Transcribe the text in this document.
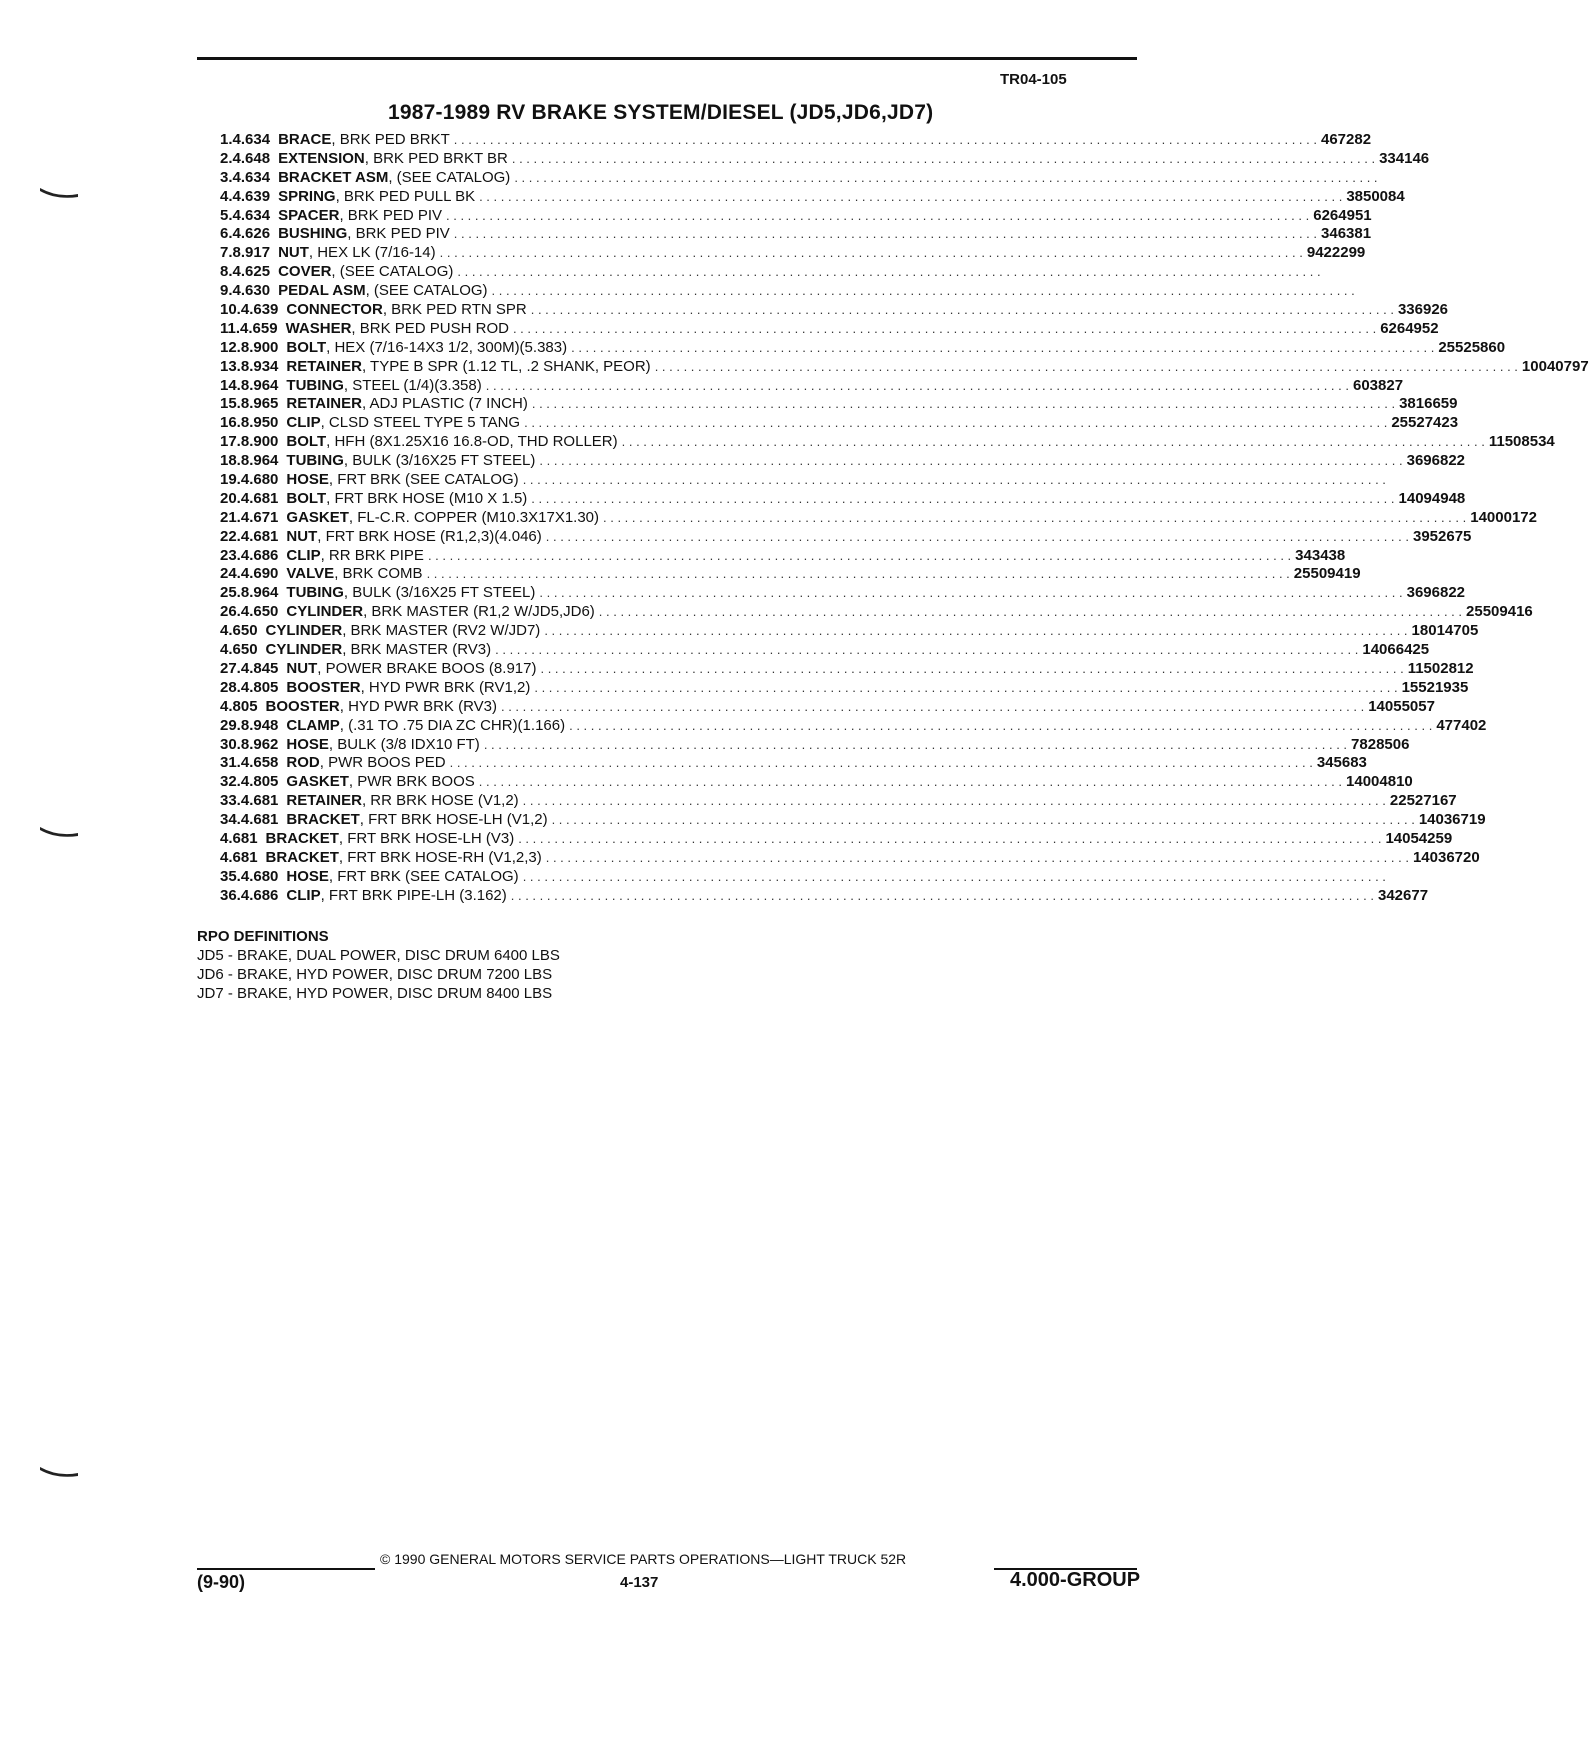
TR04-105
1987-1989 RV BRAKE SYSTEM/DIESEL (JD5,JD6,JD7)
1. 4.634 BRACE, BRK PED BRKT . . . . . . . . . . . . . . . . . . . . . . . . . . . . . . . . . . . . . . . . . . . . . . . . . . . . . . . . . . . . . . . . . . . . . . . . . . . . . . . . . . . . . . . . . . . . . . . . . . . . . . . . . . . . . . . . . . . . . . . . 467282
2. 4.648 EXTENSION, BRK PED BRKT BR . . . . . . . . . . . . . . . . . . . . . . . . . . . . . . . . . . . . . . . . . . . . . . . . . . . . . . . . . . . . . . . . . . . . . . . . . . . . . . . . . . . . . . . . . . . . . . . . . . . . . . . . . . . . . . . . . . . . . . . . 334146
3. 4.634 BRACKET ASM, (SEE CATALOG) . . . . . . . . . . . . . . . . . . . . . . . . . . . . . . . . . . . . . . . . . . . . . . . . . . . . . . . . . . . . . . . . . . . . . . . . . . . . . . . . . . . . . . . . . . . . . . . . . . . . . . . . . . . . . . . . . . . . . . . .
4. 4.639 SPRING, BRK PED PULL BK . . . . . . . . . . . . . . . . . . . . . . . . . . . . . . . . . . . . . . . . . . . . . . . . . . . . . . . . . . . . . . . . . . . . . . . . . . . . . . . . . . . . . . . . . . . . . . . . . . . . . . . . . . . . . . . . . . . . . . . . 3850084
5. 4.634 SPACER, BRK PED PIV . . . . . . . . . . . . . . . . . . . . . . . . . . . . . . . . . . . . . . . . . . . . . . . . . . . . . . . . . . . . . . . . . . . . . . . . . . . . . . . . . . . . . . . . . . . . . . . . . . . . . . . . . . . . . . . . . . . . . . . . 6264951
6. 4.626 BUSHING, BRK PED PIV . . . . . . . . . . . . . . . . . . . . . . . . . . . . . . . . . . . . . . . . . . . . . . . . . . . . . . . . . . . . . . . . . . . . . . . . . . . . . . . . . . . . . . . . . . . . . . . . . . . . . . . . . . . . . . . . . . . . . . . . 346381
7. 8.917 NUT, HEX LK (7/16-14) . . . . . . . . . . . . . . . . . . . . . . . . . . . . . . . . . . . . . . . . . . . . . . . . . . . . . . . . . . . . . . . . . . . . . . . . . . . . . . . . . . . . . . . . . . . . . . . . . . . . . . . . . . . . . . . . . . . . . . . . 9422299
8. 4.625 COVER, (SEE CATALOG) . . . . . . . . . . . . . . . . . . . . . . . . . . . . . . . . . . . . . . . . . . . . . . . . . . . . . . . . . . . . . . . . . . . . . . . . . . . . . . . . . . . . . . . . . . . . . . . . . . . . . . . . . . . . . . . . . . . . . . . .
9. 4.630 PEDAL ASM, (SEE CATALOG) . . . . . . . . . . . . . . . . . . . . . . . . . . . . . . . . . . . . . . . . . . . . . . . . . . . . . . . . . . . . . . . . . . . . . . . . . . . . . . . . . . . . . . . . . . . . . . . . . . . . . . . . . . . . . . . . . . . . . . . .
10. 4.639 CONNECTOR, BRK PED RTN SPR . . . . . . . . . . . . . . . . . . . . . . . . . . . . . . . . . . . . . . . . . . . . . . . . . . . . . . . . . . . . . . . . . . . . . . . . . . . . . . . . . . . . . . . . . . . . . . . . . . . . . . . . . . . . . . . . . . . . . . . . 336926
11. 4.659 WASHER, BRK PED PUSH ROD . . . . . . . . . . . . . . . . . . . . . . . . . . . . . . . . . . . . . . . . . . . . . . . . . . . . . . . . . . . . . . . . . . . . . . . . . . . . . . . . . . . . . . . . . . . . . . . . . . . . . . . . . . . . . . . . . . . . . . . . 6264952
12. 8.900 BOLT, HEX (7/16-14X3 1/2, 300M)(5.383) . . . . . . . . . . . . . . . . . . . . . . . . . . . . . . . . . . . . . . . . . . . . . . . . . . . . . . . . . . . . . . . . . . . . . . . . . . . . . . . . . . . . . . . . . . . . . . . . . . . . . . . . . . . . . . . . . . . . . . . . 25525860
13. 8.934 RETAINER, TYPE B SPR (1.12 TL, .2 SHANK, PEOR) . . . . . . . . . . . . . . . . . . . . . . . . . . . . . . . . . . . . . . . . . . . . . . . . . . . . . . . . . . . . . . . . . . . . . . . . . . . . . . . . . . . . . . . . . . . . . . . . . . . . . . . . . . . . . . . . . . . . . . . . 10040797
14. 8.964 TUBING, STEEL (1/4)(3.358) . . . . . . . . . . . . . . . . . . . . . . . . . . . . . . . . . . . . . . . . . . . . . . . . . . . . . . . . . . . . . . . . . . . . . . . . . . . . . . . . . . . . . . . . . . . . . . . . . . . . . . . . . . . . . . . . . . . . . . . . 603827
15. 8.965 RETAINER, ADJ PLASTIC (7 INCH) . . . . . . . . . . . . . . . . . . . . . . . . . . . . . . . . . . . . . . . . . . . . . . . . . . . . . . . . . . . . . . . . . . . . . . . . . . . . . . . . . . . . . . . . . . . . . . . . . . . . . . . . . . . . . . . . . . . . . . . . 3816659
16. 8.950 CLIP, CLSD STEEL TYPE 5 TANG . . . . . . . . . . . . . . . . . . . . . . . . . . . . . . . . . . . . . . . . . . . . . . . . . . . . . . . . . . . . . . . . . . . . . . . . . . . . . . . . . . . . . . . . . . . . . . . . . . . . . . . . . . . . . . . . . . . . . . . . 25527423
17. 8.900 BOLT, HFH (8X1.25X16 16.8-OD, THD ROLLER) . . . . . . . . . . . . . . . . . . . . . . . . . . . . . . . . . . . . . . . . . . . . . . . . . . . . . . . . . . . . . . . . . . . . . . . . . . . . . . . . . . . . . . . . . . . . . . . . . . . . . . . . . . . . . . . . . . . . . . . . 11508534
18. 8.964 TUBING, BULK (3/16X25 FT STEEL) . . . . . . . . . . . . . . . . . . . . . . . . . . . . . . . . . . . . . . . . . . . . . . . . . . . . . . . . . . . . . . . . . . . . . . . . . . . . . . . . . . . . . . . . . . . . . . . . . . . . . . . . . . . . . . . . . . . . . . . . 3696822
19. 4.680 HOSE, FRT BRK (SEE CATALOG) . . . . . . . . . . . . . . . . . . . . . . . . . . . . . . . . . . . . . . . . . . . . . . . . . . . . . . . . . . . . . . . . . . . . . . . . . . . . . . . . . . . . . . . . . . . . . . . . . . . . . . . . . . . . . . . . . . . . . . . .
20. 4.681 BOLT, FRT BRK HOSE (M10 X 1.5) . . . . . . . . . . . . . . . . . . . . . . . . . . . . . . . . . . . . . . . . . . . . . . . . . . . . . . . . . . . . . . . . . . . . . . . . . . . . . . . . . . . . . . . . . . . . . . . . . . . . . . . . . . . . . . . . . . . . . . . . 14094948
21. 4.671 GASKET, FL-C.R. COPPER (M10.3X17X1.30) . . . . . . . . . . . . . . . . . . . . . . . . . . . . . . . . . . . . . . . . . . . . . . . . . . . . . . . . . . . . . . . . . . . . . . . . . . . . . . . . . . . . . . . . . . . . . . . . . . . . . . . . . . . . . . . . . . . . . . . . 14000172
22. 4.681 NUT, FRT BRK HOSE (R1,2,3)(4.046) . . . . . . . . . . . . . . . . . . . . . . . . . . . . . . . . . . . . . . . . . . . . . . . . . . . . . . . . . . . . . . . . . . . . . . . . . . . . . . . . . . . . . . . . . . . . . . . . . . . . . . . . . . . . . . . . . . . . . . . . 3952675
23. 4.686 CLIP, RR BRK PIPE . . . . . . . . . . . . . . . . . . . . . . . . . . . . . . . . . . . . . . . . . . . . . . . . . . . . . . . . . . . . . . . . . . . . . . . . . . . . . . . . . . . . . . . . . . . . . . . . . . . . . . . . . . . . . . . . . . . . . . . . 343438
24. 4.690 VALVE, BRK COMB . . . . . . . . . . . . . . . . . . . . . . . . . . . . . . . . . . . . . . . . . . . . . . . . . . . . . . . . . . . . . . . . . . . . . . . . . . . . . . . . . . . . . . . . . . . . . . . . . . . . . . . . . . . . . . . . . . . . . . . . 25509419
25. 8.964 TUBING, BULK (3/16X25 FT STEEL) . . . . . . . . . . . . . . . . . . . . . . . . . . . . . . . . . . . . . . . . . . . . . . . . . . . . . . . . . . . . . . . . . . . . . . . . . . . . . . . . . . . . . . . . . . . . . . . . . . . . . . . . . . . . . . . . . . . . . . . . 3696822
26. 4.650 CYLINDER, BRK MASTER (R1,2 W/JD5,JD6) . . . . . . . . . . . . . . . . . . . . . . . . . . . . . . . . . . . . . . . . . . . . . . . . . . . . . . . . . . . . . . . . . . . . . . . . . . . . . . . . . . . . . . . . . . . . . . . . . . . . . . . . . . . . . . . . . . . . . . . . 25509416
4.650 CYLINDER, BRK MASTER (RV2 W/JD7) . . . . . . . . . . . . . . . . . . . . . . . . . . . . . . . . . . . . . . . . . . . . . . . . . . . . . . . . . . . . . . . . . . . . . . . . . . . . . . . . . . . . . . . . . . . . . . . . . . . . . . . . . . . . . . . . . . . . . . . . 18014705
4.650 CYLINDER, BRK MASTER (RV3) . . . . . . . . . . . . . . . . . . . . . . . . . . . . . . . . . . . . . . . . . . . . . . . . . . . . . . . . . . . . . . . . . . . . . . . . . . . . . . . . . . . . . . . . . . . . . . . . . . . . . . . . . . . . . . . . . . . . . . . . 14066425
27. 4.845 NUT, POWER BRAKE BOOS (8.917) . . . . . . . . . . . . . . . . . . . . . . . . . . . . . . . . . . . . . . . . . . . . . . . . . . . . . . . . . . . . . . . . . . . . . . . . . . . . . . . . . . . . . . . . . . . . . . . . . . . . . . . . . . . . . . . . . . . . . . . . 11502812
28. 4.805 BOOSTER, HYD PWR BRK (RV1,2) . . . . . . . . . . . . . . . . . . . . . . . . . . . . . . . . . . . . . . . . . . . . . . . . . . . . . . . . . . . . . . . . . . . . . . . . . . . . . . . . . . . . . . . . . . . . . . . . . . . . . . . . . . . . . . . . . . . . . . . . 15521935
4.805 BOOSTER, HYD PWR BRK (RV3) . . . . . . . . . . . . . . . . . . . . . . . . . . . . . . . . . . . . . . . . . . . . . . . . . . . . . . . . . . . . . . . . . . . . . . . . . . . . . . . . . . . . . . . . . . . . . . . . . . . . . . . . . . . . . . . . . . . . . . . . 14055057
29. 8.948 CLAMP, (.31 TO .75 DIA ZC CHR)(1.166) . . . . . . . . . . . . . . . . . . . . . . . . . . . . . . . . . . . . . . . . . . . . . . . . . . . . . . . . . . . . . . . . . . . . . . . . . . . . . . . . . . . . . . . . . . . . . . . . . . . . . . . . . . . . . . . . . . . . . . . . 477402
30. 8.962 HOSE, BULK (3/8 IDX10 FT) . . . . . . . . . . . . . . . . . . . . . . . . . . . . . . . . . . . . . . . . . . . . . . . . . . . . . . . . . . . . . . . . . . . . . . . . . . . . . . . . . . . . . . . . . . . . . . . . . . . . . . . . . . . . . . . . . . . . . . . . 7828506
31. 4.658 ROD, PWR BOOS PED . . . . . . . . . . . . . . . . . . . . . . . . . . . . . . . . . . . . . . . . . . . . . . . . . . . . . . . . . . . . . . . . . . . . . . . . . . . . . . . . . . . . . . . . . . . . . . . . . . . . . . . . . . . . . . . . . . . . . . . . 345683
32. 4.805 GASKET, PWR BRK BOOS . . . . . . . . . . . . . . . . . . . . . . . . . . . . . . . . . . . . . . . . . . . . . . . . . . . . . . . . . . . . . . . . . . . . . . . . . . . . . . . . . . . . . . . . . . . . . . . . . . . . . . . . . . . . . . . . . . . . . . . . 14004810
33. 4.681 RETAINER, RR BRK HOSE (V1,2) . . . . . . . . . . . . . . . . . . . . . . . . . . . . . . . . . . . . . . . . . . . . . . . . . . . . . . . . . . . . . . . . . . . . . . . . . . . . . . . . . . . . . . . . . . . . . . . . . . . . . . . . . . . . . . . . . . . . . . . . 22527167
34. 4.681 BRACKET, FRT BRK HOSE-LH (V1,2) . . . . . . . . . . . . . . . . . . . . . . . . . . . . . . . . . . . . . . . . . . . . . . . . . . . . . . . . . . . . . . . . . . . . . . . . . . . . . . . . . . . . . . . . . . . . . . . . . . . . . . . . . . . . . . . . . . . . . . . . 14036719
4.681 BRACKET, FRT BRK HOSE-LH (V3) . . . . . . . . . . . . . . . . . . . . . . . . . . . . . . . . . . . . . . . . . . . . . . . . . . . . . . . . . . . . . . . . . . . . . . . . . . . . . . . . . . . . . . . . . . . . . . . . . . . . . . . . . . . . . . . . . . . . . . . . 14054259
4.681 BRACKET, FRT BRK HOSE-RH (V1,2,3) . . . . . . . . . . . . . . . . . . . . . . . . . . . . . . . . . . . . . . . . . . . . . . . . . . . . . . . . . . . . . . . . . . . . . . . . . . . . . . . . . . . . . . . . . . . . . . . . . . . . . . . . . . . . . . . . . . . . . . . . 14036720
35. 4.680 HOSE, FRT BRK (SEE CATALOG) . . . . . . . . . . . . . . . . . . . . . . . . . . . . . . . . . . . . . . . . . . . . . . . . . . . . . . . . . . . . . . . . . . . . . . . . . . . . . . . . . . . . . . . . . . . . . . . . . . . . . . . . . . . . . . . . . . . . . . . .
36. 4.686 CLIP, FRT BRK PIPE-LH (3.162) . . . . . . . . . . . . . . . . . . . . . . . . . . . . . . . . . . . . . . . . . . . . . . . . . . . . . . . . . . . . . . . . . . . . . . . . . . . . . . . . . . . . . . . . . . . . . . . . . . . . . . . . . . . . . . . . . . . . . . . . 342677
RPO DEFINITIONS
JD5 - BRAKE, DUAL POWER, DISC DRUM 6400 LBS
JD6 - BRAKE, HYD POWER, DISC DRUM 7200 LBS
JD7 - BRAKE, HYD POWER, DISC DRUM 8400 LBS
© 1990 GENERAL MOTORS SERVICE PARTS OPERATIONS—LIGHT TRUCK 52R
(9-90)	4-137	4.000-GROUP
